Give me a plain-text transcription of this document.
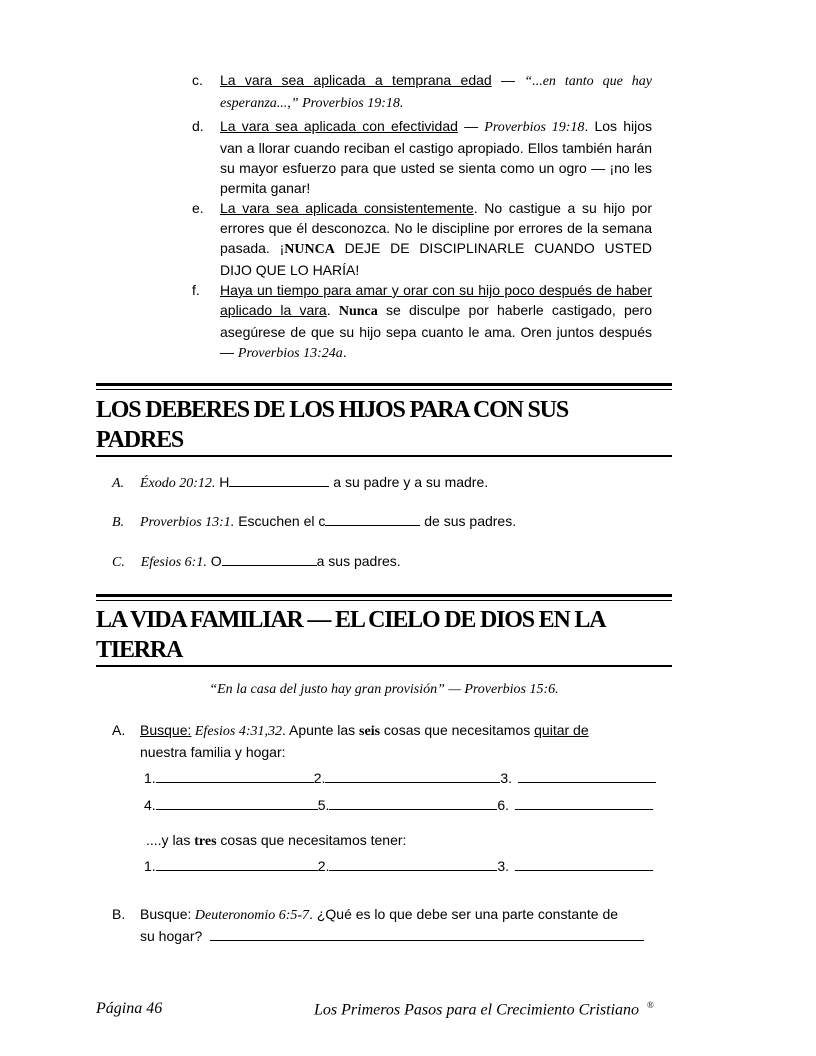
c. La vara sea aplicada a temprana edad — “...en tanto que hay esperanza...,” Proverbios 19:18.
d. La vara sea aplicada con efectividad — Proverbios 19:18. Los hijos van a llorar cuando reciban el castigo apropiado. Ellos también harán su mayor esfuerzo para que usted se sienta como un ogro — ¡no les permita ganar!
e. La vara sea aplicada consistentemente. No castigue a su hijo por errores que él desconozca. No le discipline por errores de la semana pasada. ¡NUNCA DEJE DE DISCIPLINARLE CUANDO USTED DIJO QUE LO HARÍA!
f. Haya un tiempo para amar y orar con su hijo poco después de haber aplicado la vara. Nunca se disculpe por haberle castigado, pero asegúrese de que su hijo sepa cuanto le ama. Oren juntos después — Proverbios 13:24a.
LOS DEBERES DE LOS HIJOS PARA CON SUS
PADRES
A. Éxodo 20:12. H	a su padre y a su madre.
B. Proverbios 13:1. Escuchen el c	de sus padres.
C. Efesios 6:1. O	a sus padres.
LA VIDA FAMILIAR — EL CIELO DE DIOS EN LA
TIERRA
“En la casa del justo hay gran provisión” — Proverbios 15:6.
A. Busque: Efesios 4:31,32. Apunte las seis cosas que necesitamos quitar de
nuestra familia y hogar:
1.	2.	3.
4.	5.	6.
....y las tres cosas que necesitamos tener:
1.	2.	3.
B. Busque: Deuteronomio 6:5-7. ¿Qué es lo que debe ser una parte constante de
su hogar?
Página 46	Los Primeros Pasos para el Crecimiento Cristiano ®
